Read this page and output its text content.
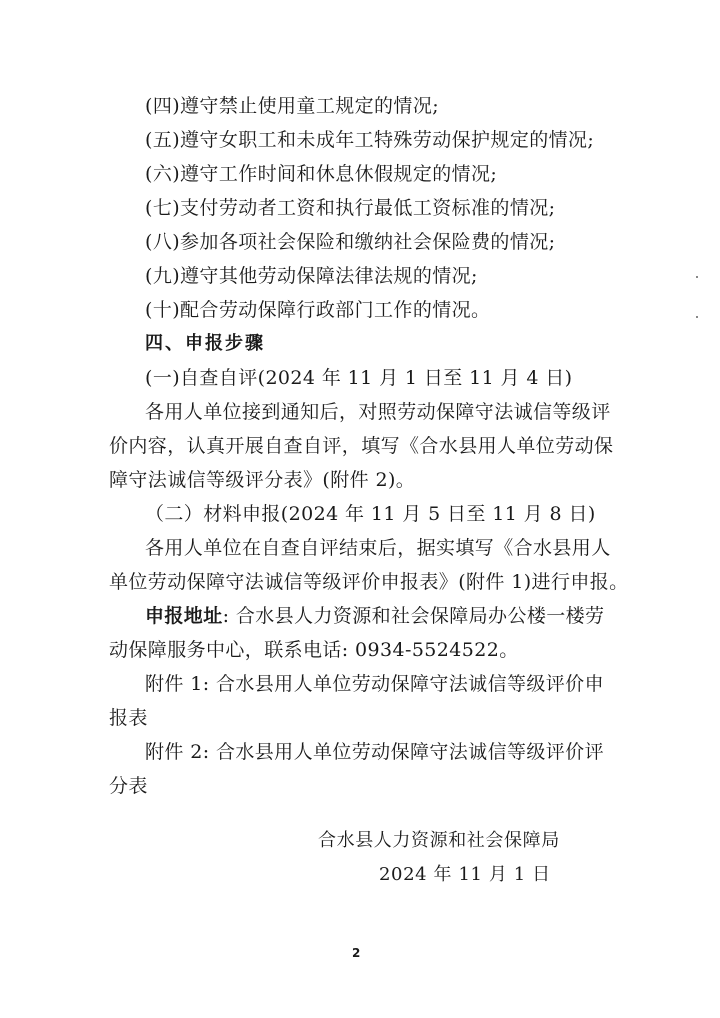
(四)遵守禁止使用童工规定的情况;
(五)遵守女职工和未成年工特殊劳动保护规定的情况;
(六)遵守工作时间和休息休假规定的情况;
(七)支付劳动者工资和执行最低工资标准的情况;
(八)参加各项社会保险和缴纳社会保险费的情况;
(九)遵守其他劳动保障法律法规的情况;
(十)配合劳动保障行政部门工作的情况。
四、申报步骤
(一)自查自评(2024 年 11 月 1 日至 11 月 4 日)
各用人单位接到通知后，对照劳动保障守法诚信等级评
价内容，认真开展自查自评，填写《合水县用人单位劳动保
障守法诚信等级评分表》(附件 2)。
（二）材料申报(2024 年 11 月 5 日至 11 月 8 日)
各用人单位在自查自评结束后，据实填写《合水县用人
单位劳动保障守法诚信等级评价申报表》(附件 1)进行申报。
申报地址: 合水县人力资源和社会保障局办公楼一楼劳
动保障服务中心，联系电话: 0934-5524522。
附件 1: 合水县用人单位劳动保障守法诚信等级评价申
报表
附件 2: 合水县用人单位劳动保障守法诚信等级评价评
分表
合水县人力资源和社会保障局
2024 年 11 月 1 日
2
